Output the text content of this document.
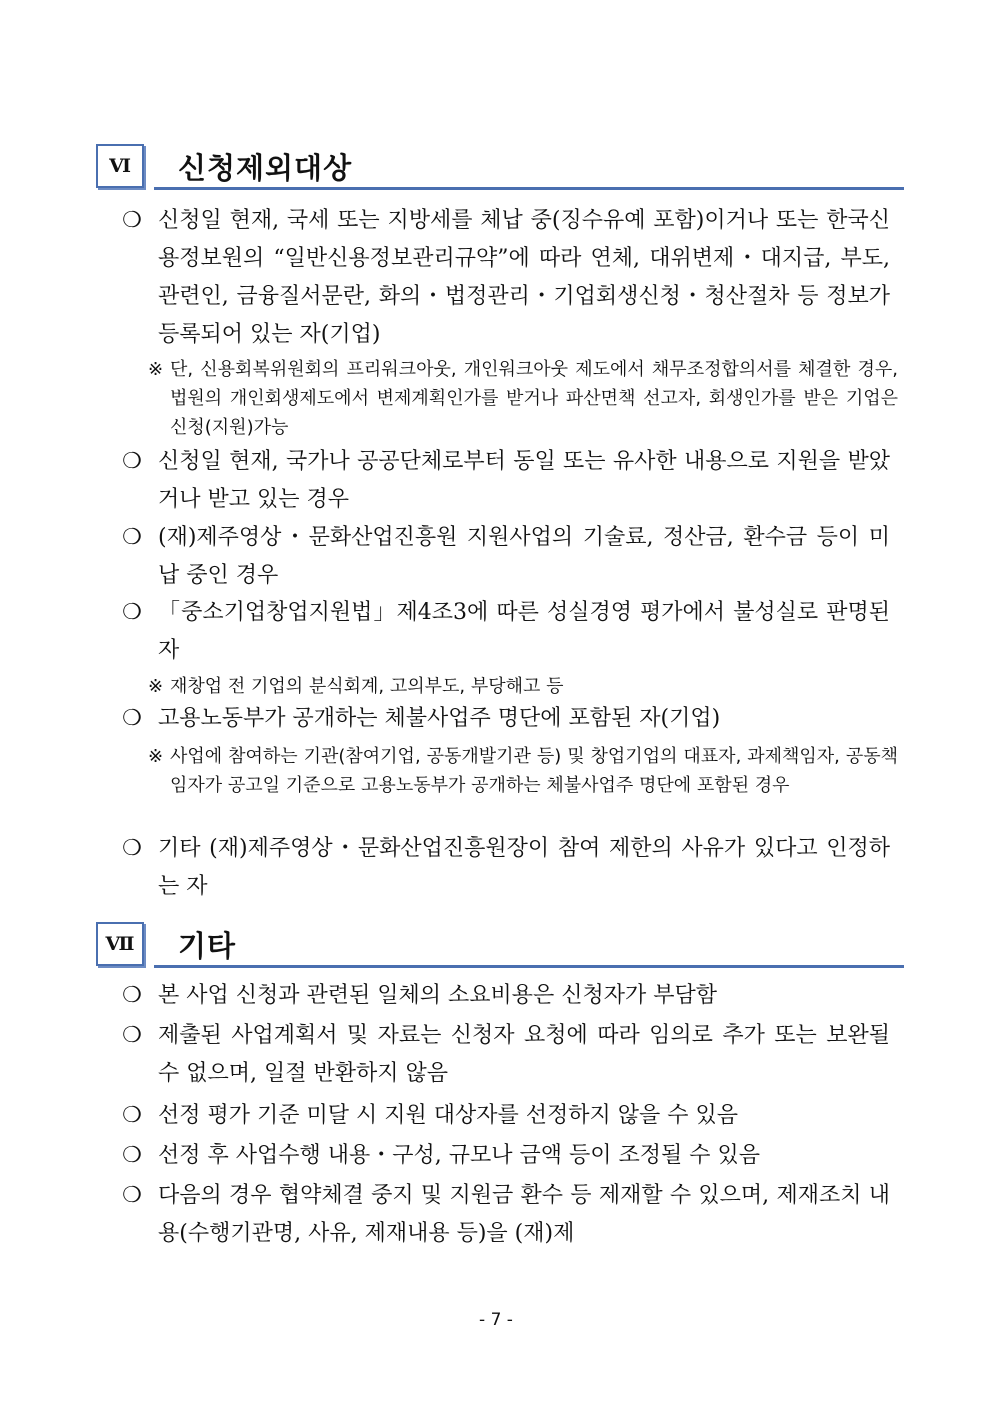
Ⅵ	신청제외대상
❍ 신청일 현재, 국세 또는 지방세를 체납 중(징수유예 포함)이거나 또는 한국신용정보원의 “일반신용정보관리규약”에 따라 연체, 대위변제・대지급, 부도, 관련인, 금융질서문란, 화의・법정관리・기업회생신청・청산절차 등 정보가 등록되어 있는 자(기업)
※ 단, 신용회복위원회의 프리워크아웃, 개인워크아웃 제도에서 채무조정합의서를 체결한 경우, 법원의 개인회생제도에서 변제계획인가를 받거나 파산면책 선고자, 회생인가를 받은 기업은 신청(지원)가능
❍ 신청일 현재, 국가나 공공단체로부터 동일 또는 유사한 내용으로 지원을 받았거나 받고 있는 경우
❍ (재)제주영상・문화산업진흥원 지원사업의 기술료, 정산금, 환수금 등이 미납 중인 경우
❍ 「중소기업창업지원법」제4조3에 따른 성실경영 평가에서 불성실로 판명된 자
※ 재창업 전 기업의 분식회계, 고의부도, 부당해고 등
❍ 고용노동부가 공개하는 체불사업주 명단에 포함된 자(기업)
※ 사업에 참여하는 기관(참여기업, 공동개발기관 등) 및 창업기업의 대표자, 과제책임자, 공동책임자가 공고일 기준으로 고용노동부가 공개하는 체불사업주 명단에 포함된 경우
❍ 기타 (재)제주영상・문화산업진흥원장이 참여 제한의 사유가 있다고 인정하는 자
Ⅶ	기타
❍ 본 사업 신청과 관련된 일체의 소요비용은 신청자가 부담함
❍ 제출된 사업계획서 및 자료는 신청자 요청에 따라 임의로 추가 또는 보완될 수 없으며, 일절 반환하지 않음
❍ 선정 평가 기준 미달 시 지원 대상자를 선정하지 않을 수 있음
❍ 선정 후 사업수행 내용・구성, 규모나 금액 등이 조정될 수 있음
❍ 다음의 경우 협약체결 중지 및 지원금 환수 등 제재할 수 있으며, 제재조치 내용(수행기관명, 사유, 제재내용 등)을 (재)제
- 7 -
